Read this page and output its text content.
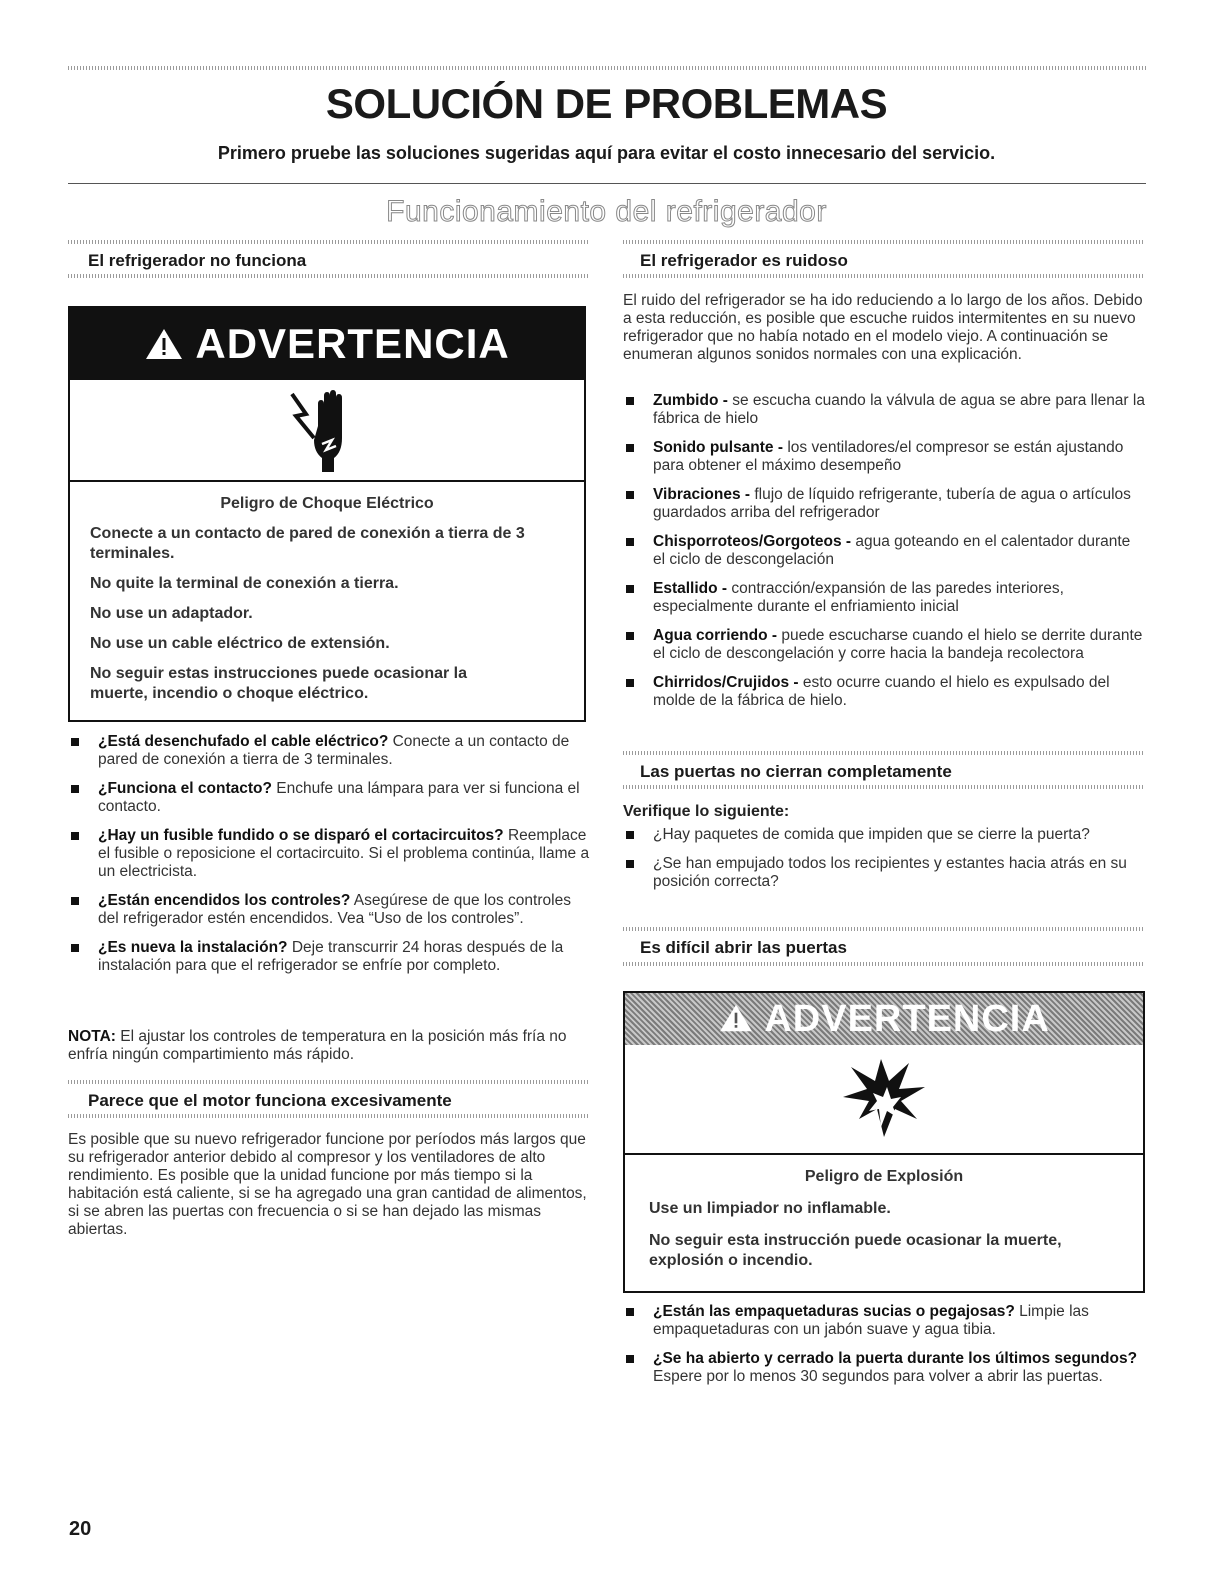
SOLUCIÓN DE PROBLEMAS
Primero pruebe las soluciones sugeridas aquí para evitar el costo innecesario del servicio.
Funcionamiento del refrigerador
El refrigerador no funciona
ADVERTENCIA
Peligro de Choque Eléctrico
Conecte a un contacto de pared de conexión a tierra de 3 terminales.
No quite la terminal de conexión a tierra.
No use un adaptador.
No use un cable eléctrico de extensión.
No seguir estas instrucciones puede ocasionar la muerte, incendio o choque eléctrico.
¿Está desenchufado el cable eléctrico? Conecte a un contacto de pared de conexión a tierra de 3 terminales.
¿Funciona el contacto? Enchufe una lámpara para ver si funciona el contacto.
¿Hay un fusible fundido o se disparó el cortacircuitos? Reemplace el fusible o reposicione el cortacircuito. Si el problema continúa, llame a un electricista.
¿Están encendidos los controles? Asegúrese de que los controles del refrigerador estén encendidos. Vea “Uso de los controles”.
¿Es nueva la instalación? Deje transcurrir 24 horas después de la instalación para que el refrigerador se enfríe por completo.

NOTA: El ajustar los controles de temperatura en la posición más fría no enfría ningún compartimiento más rápido.

Parece que el motor funciona excesivamente

Es posible que su nuevo refrigerador funcione por períodos más largos que su refrigerador anterior debido al compresor y los ventiladores de alto rendimiento. Es posible que la unidad funcione por más tiempo si la habitación está caliente, si se ha agregado una gran cantidad de alimentos, si se abren las puertas con frecuencia o si se han dejado las mismas abiertas.

El refrigerador es ruidoso

El ruido del refrigerador se ha ido reduciendo a lo largo de los años. Debido a esta reducción, es posible que escuche ruidos intermitentes en su nuevo refrigerador que no había notado en el modelo viejo. A continuación se enumeran algunos sonidos normales con una explicación.

Zumbido - se escucha cuando la válvula de agua se abre para llenar la fábrica de hielo
Sonido pulsante - los ventiladores/el compresor se están ajustando para obtener el máximo desempeño
Vibraciones - flujo de líquido refrigerante, tubería de agua o artículos guardados arriba del refrigerador
Chisporroteos/Gorgoteos - agua goteando en el calentador durante el ciclo de descongelación
Estallido - contracción/expansión de las paredes interiores, especialmente durante el enfriamiento inicial
Agua corriendo - puede escucharse cuando el hielo se derrite durante el ciclo de descongelación y corre hacia la bandeja recolectora
Chirridos/Crujidos - esto ocurre cuando el hielo es expulsado del molde de la fábrica de hielo.
Las puertas no cierran completamente
Verifique lo siguiente:
¿Hay paquetes de comida que impiden que se cierre la puerta?
¿Se han empujado todos los recipientes y estantes hacia atrás en su posición correcta?
Es difícil abrir las puertas
ADVERTENCIA
Peligro de Explosión
Use un limpiador no inflamable.
No seguir esta instrucción puede ocasionar la muerte, explosión o incendio.
¿Están las empaquetaduras sucias o pegajosas? Limpie las empaquetaduras con un jabón suave y agua tibia.
¿Se ha abierto y cerrado la puerta durante los últimos segundos? Espere por lo menos 30 segundos para volver a abrir las puertas.
20
